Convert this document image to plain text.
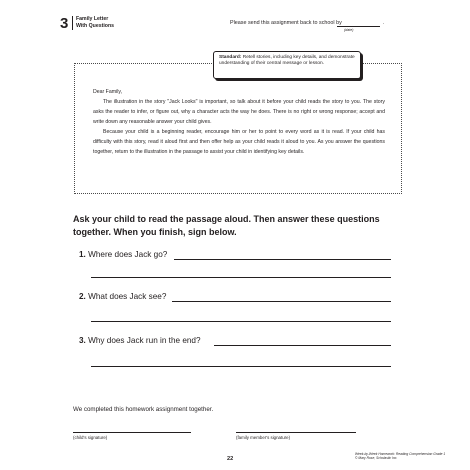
3 Family Letter
With Questions	Please send this assignment back to school by
(date)
.
Standard: Retell stories, including key details, and demonstrate understanding of their central message or lesson.
Dear Family,

The illustration in the story "Jack Looks" is important, so talk about it before your child reads the story to you. The story asks the reader to infer, or figure out, why a character acts the way he does. There is no right or wrong response; accept and write down any reasonable answer your child gives.

Because your child is a beginning reader, encourage him or her to point to every word as it is read. If your child has difficulty with this story, read it aloud first and then offer help as your child reads it aloud to you. As you answer the questions together, return to the illustration in the passage to assist your child in identifying key details.

Ask your child to read the passage aloud. Then answer these questions together. When you finish, sign below.
1. Where does Jack go?
2. What does Jack see?
3. Why does Jack run in the end?
We completed this homework assignment together.
(child's signature)	(family member's signature)
22
Week-by-Week Homework: Reading Comprehension Grade 1
© Mary Rose, Scholastic Inc.
